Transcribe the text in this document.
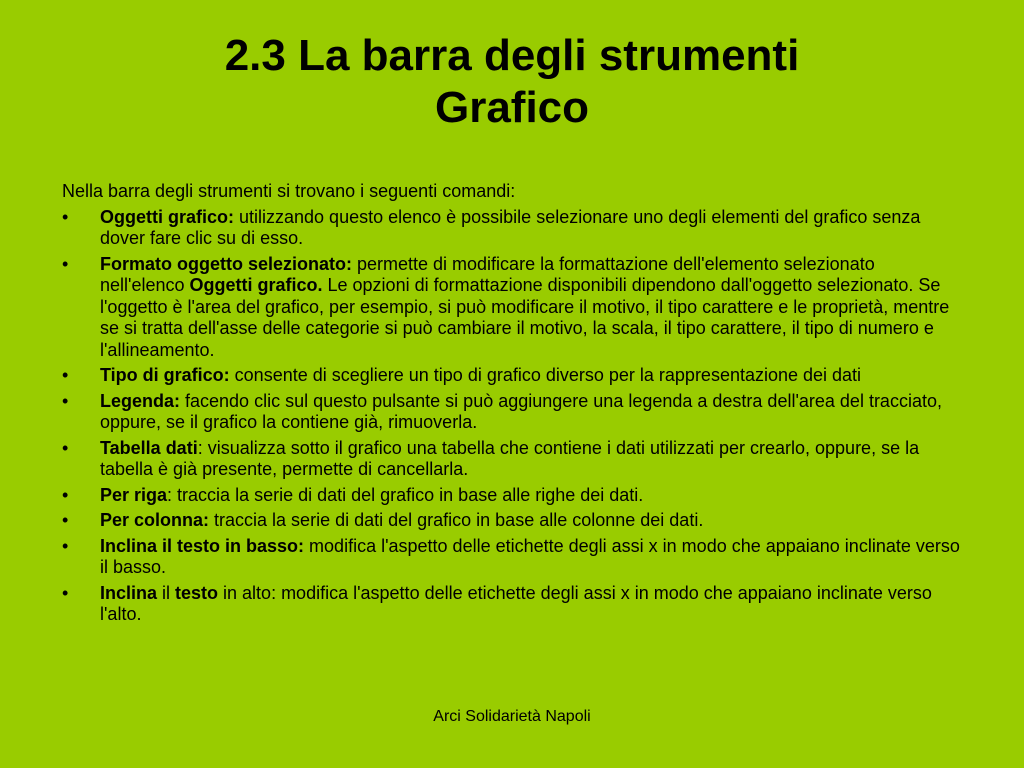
2.3 La barra degli strumenti
Grafico
Nella barra degli strumenti si trovano i seguenti comandi:
• Oggetti grafico: utilizzando questo elenco è possibile selezionare uno degli elementi del grafico senza dover fare clic su di esso.
• Formato oggetto selezionato: permette di modificare la formattazione dell'elemento selezionato nell'elenco Oggetti grafico. Le opzioni di formattazione disponibili dipendono dall'oggetto selezionato. Se l'oggetto è l'area del grafico, per esempio, si può modificare il motivo, il tipo carattere e le proprietà, mentre se si tratta dell'asse delle categorie si può cambiare il motivo, la scala, il tipo carattere, il tipo di numero e l'allineamento.
• Tipo di grafico: consente di scegliere un tipo di grafico diverso per la rappresentazione dei dati
• Legenda: facendo clic sul questo pulsante si può aggiungere una legenda a destra dell'area del tracciato, oppure, se il grafico la contiene già, rimuoverla.
• Tabella dati: visualizza sotto il grafico una tabella che contiene i dati utilizzati per crearlo, oppure, se la tabella è già presente, permette di cancellarla.
• Per riga: traccia la serie di dati del grafico in base alle righe dei dati.
• Per colonna: traccia la serie di dati del grafico in base alle colonne dei dati.
• Inclina il testo in basso: modifica l'aspetto delle etichette degli assi x in modo che appaiano inclinate verso il basso.
• Inclina il testo in alto: modifica l'aspetto delle etichette degli assi x in modo che appaiano inclinate verso l'alto.
Arci Solidarietà Napoli
